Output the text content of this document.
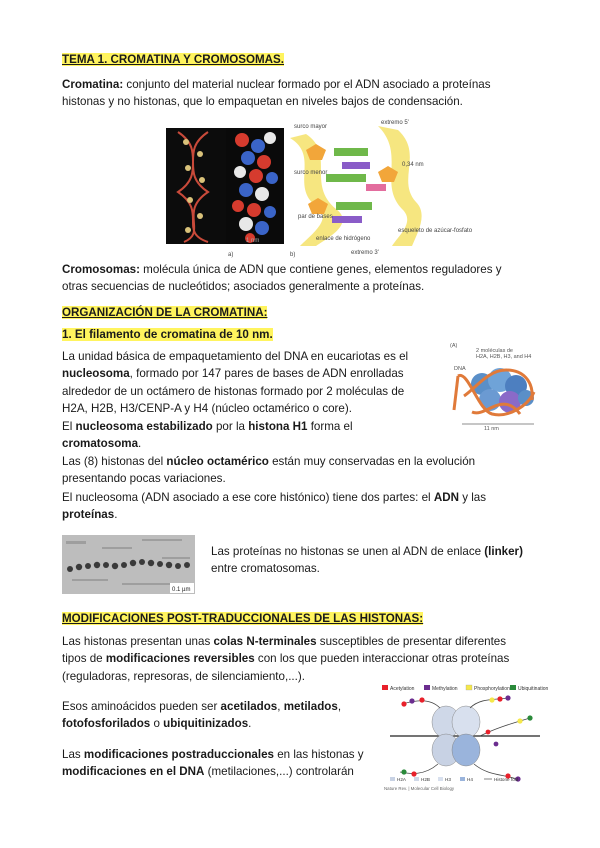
TEMA 1. CROMATINA Y CROMOSOMAS.
Cromatina: conjunto del material nuclear formado por el ADN asociado a proteínas histonas y no histonas, que lo empaquetan en niveles bajos de condensación.
surco mayor
surco menor
extremo 5'
extremo 3'
0,34 nm
1 nm	enlace de hidrógeno
esqueleto de azúcar-fosfato
par de bases
a)	b)
Cromosomas: molécula única de ADN que contiene genes, elementos reguladores y otras secuencias de nucleótidos; asociados generalmente a proteínas.
ORGANIZACIÓN DE LA CROMATINA:
1. El filamento de cromatina de 10 nm.
La unidad básica de empaquetamiento del DNA en eucariotas es el nucleosoma, formado por 147 pares de bases de ADN enrolladas alrededor de un octámero de histonas formado por 2 moléculas de H2A, H2B, H3/CENP-A y H4 (núcleo octamérico o core).
El nucleosoma estabilizado por la histona H1 forma el cromatosoma.
Las (8) histonas del núcleo octamérico están muy conservadas en la evolución presentando pocas variaciones.
El nucleosoma (ADN asociado a ese core histónico) tiene dos partes: el ADN y las proteínas.
(A)
2 moléculas de
H2A, H2B, H3, and H4
DNA
11 nm
0.1 µm
Las proteínas no histonas se unen al ADN de enlace (linker) entre cromatosomas.
MODIFICACIONES POST-TRADUCCIONALES DE LAS HISTONAS:
Las histonas presentan unas colas N-terminales susceptibles de presentar diferentes tipos de modificaciones reversibles con los que pueden interaccionar otras proteínas (reguladoras, represoras, de silenciamiento,...).
Esos aminoácidos pueden ser acetilados, metilados, fotofosforilados o ubiquitinizados.
Las modificaciones postraduccionales en las histonas y modificaciones en el DNA (metilaciones,...) controlarán
Acetylation	Methylation	Phosphorylation Ubiquitination
H2A	H2B	H3	H4	Histone fold
Nature Rev. | Molecular Cell Biology
